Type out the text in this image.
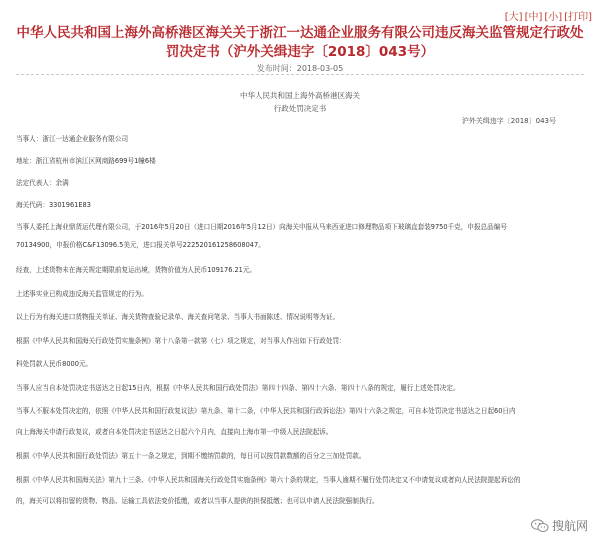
[大] [中] [小] [打印]
中华人民共和国上海外高桥港区海关关于浙江一达通企业服务有限公司违反海关监管规定行政处罚决定书（沪外关缉违字〔2018〕043号）
发布时间：2018-03-05
中华人民共和国上海外高桥港区海关
行政处罚决定书
沪外关缉违字〔2018〕043号
当事人：浙江一达通企业服务有限公司
地址：浙江省杭州市滨江区网商路699号1幢6楼
法定代表人：余满
海关代码：3301961E83
当事人委托上海业鼎货运代理有限公司，于2016年5月20日（进口日期2016年5月12日）向海关申报从马来西亚进口修理物品项下玻璃直套装9750千克，申报总品编号
70134900，申报价格C&F13096.5美元，进口报关单号222520161258608047。
经查，上述货物未在海关规定期限前复运出境，货物价值为人民币109176.21元。
上述事实业已构成违反海关监管规定的行为。
以上行为有海关进口货物报关单证、海关货物查验记录单、海关查问笔录、当事人书面陈述、情况说明等为证。
根据《中华人民共和国海关行政处罚实施条例》第十八条第一款第（七）项之规定，对当事人作出如下行政处罚：
科处罚款人民币8000元。
当事人应当自本处罚决定书送达之日起15日内，根据《中华人民共和国行政处罚法》第四十四条、第四十六条、第四十八条的规定，履行上述处罚决定。
当事人不服本处罚决定的，依照《中华人民共和国行政复议法》第九条、第十二条，《中华人民共和国行政诉讼法》第四十六条之规定，可自本处罚决定书送达之日起60日内
向上海海关申请行政复议，或者自本处罚决定书送达之日起六个月内，直接向上海市第一中级人民法院起诉。
根据《中华人民共和国行政处罚法》第五十一条之规定，到期不缴纳罚款的，每日可以按罚款数额的百分之三加处罚款。
根据《中华人民共和国海关法》第九十三条、《中华人民共和国海关行政处罚实施条例》第六十条的规定，当事人逾期不履行处罚决定又不申请复议或者向人民法院提起诉讼的
的，海关可以将扣留的货物、物品、运输工具依法变价抵缴，或者以当事人提供的担保抵缴；也可以申请人民法院强制执行。
搜航网
